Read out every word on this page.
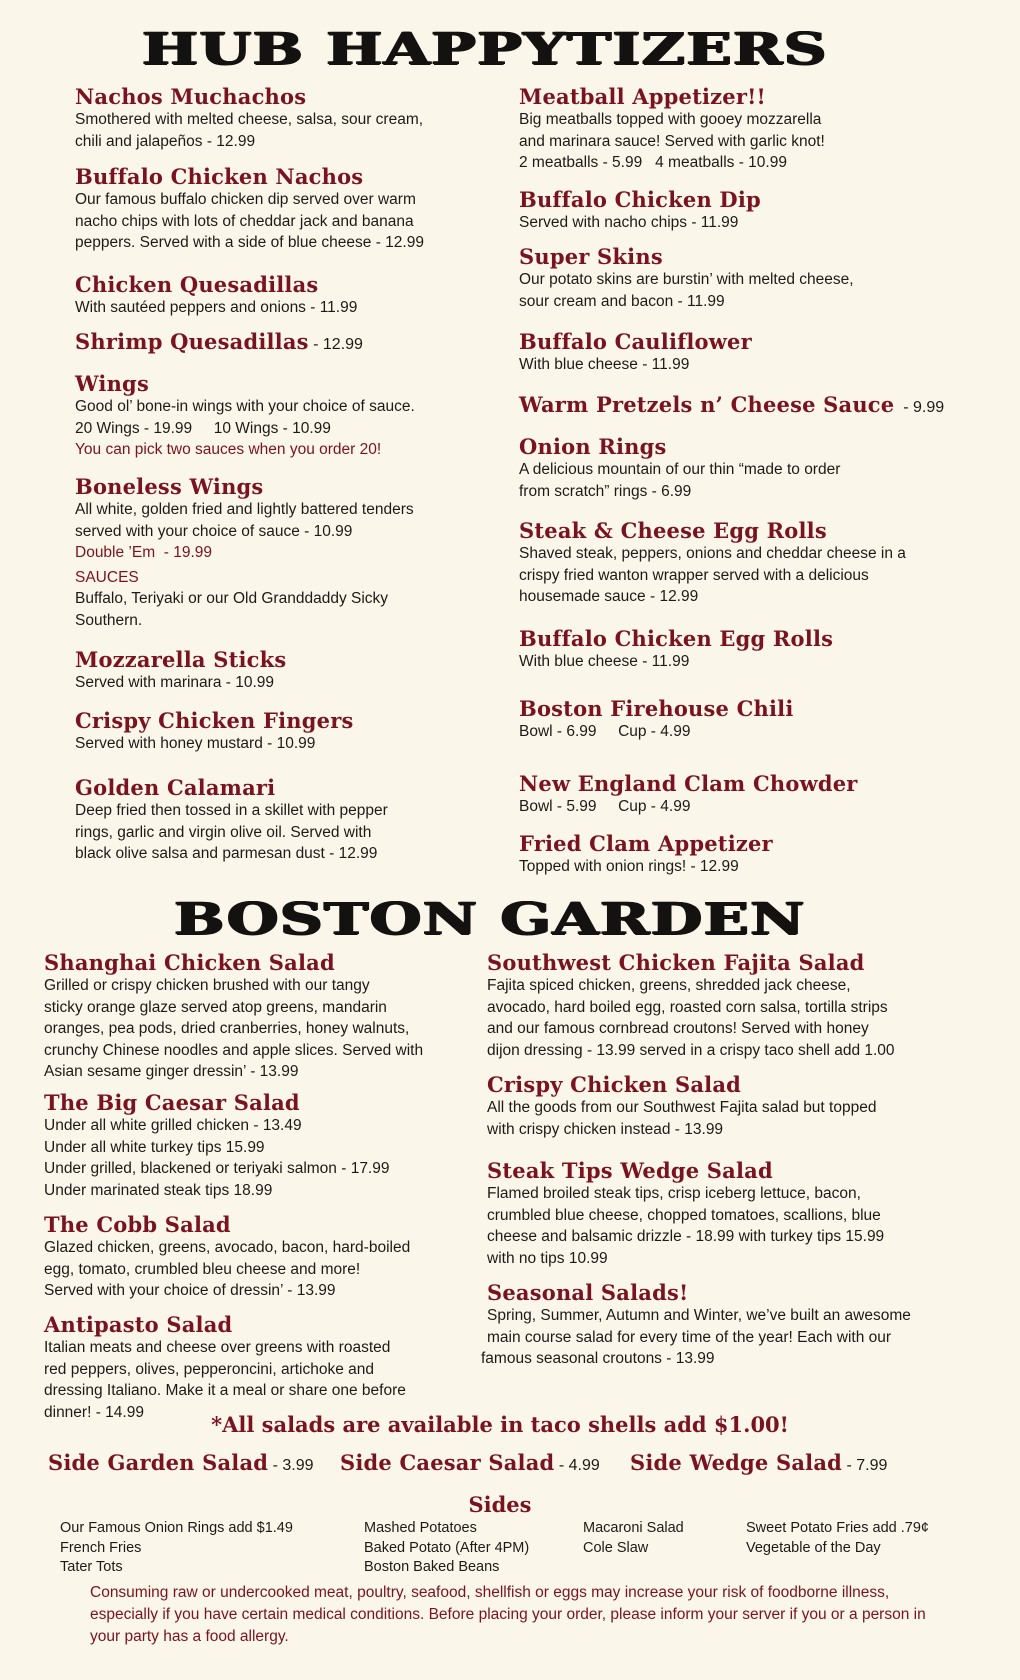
HUB HAPPYTIZERS
Nachos Muchachos
Smothered with melted cheese, salsa, sour cream,
chili and jalapeños - 12.99
Buffalo Chicken Nachos
Our famous buffalo chicken dip served over warm
nacho chips with lots of cheddar jack and banana
peppers. Served with a side of blue cheese - 12.99
Chicken Quesadillas
With sautéed peppers and onions - 11.99
Shrimp Quesadillas - 12.99
Wings
Good ol’ bone-in wings with your choice of sauce.
20 Wings - 19.99     10 Wings - 10.99
You can pick two sauces when you order 20!
Boneless Wings
All white, golden fried and lightly battered tenders
served with your choice of sauce - 10.99
Double ’Em  - 19.99
SAUCES
Buffalo, Teriyaki or our Old Granddaddy Sicky
Southern.
Mozzarella Sticks
Served with marinara - 10.99
Crispy Chicken Fingers
Served with honey mustard - 10.99
Golden Calamari
Deep fried then tossed in a skillet with pepper
rings, garlic and virgin olive oil. Served with
black olive salsa and parmesan dust - 12.99
Meatball Appetizer!!
Big meatballs topped with gooey mozzarella
and marinara sauce! Served with garlic knot!
2 meatballs - 5.99   4 meatballs - 10.99
Buffalo Chicken Dip
Served with nacho chips - 11.99
Super Skins
Our potato skins are burstin’ with melted cheese,
sour cream and bacon - 11.99
Buffalo Cauliflower
With blue cheese - 11.99
Warm Pretzels n’ Cheese Sauce  - 9.99
Onion Rings
A delicious mountain of our thin “made to order
from scratch” rings - 6.99
Steak & Cheese Egg Rolls
Shaved steak, peppers, onions and cheddar cheese in a
crispy fried wanton wrapper served with a delicious
housemade sauce - 12.99
Buffalo Chicken Egg Rolls
With blue cheese - 11.99
Boston Firehouse Chili
Bowl - 6.99     Cup - 4.99
New England Clam Chowder
Bowl - 5.99     Cup - 4.99
Fried Clam Appetizer
Topped with onion rings! - 12.99
BOSTON GARDEN
Shanghai Chicken Salad
Grilled or crispy chicken brushed with our tangy
sticky orange glaze served atop greens, mandarin
oranges, pea pods, dried cranberries, honey walnuts,
crunchy Chinese noodles and apple slices. Served with
Asian sesame ginger dressin’ - 13.99
The Big Caesar Salad
Under all white grilled chicken - 13.49
Under all white turkey tips 15.99
Under grilled, blackened or teriyaki salmon - 17.99
Under marinated steak tips 18.99
The Cobb Salad
Glazed chicken, greens, avocado, bacon, hard-boiled
egg, tomato, crumbled bleu cheese and more!
Served with your choice of dressin’ - 13.99
Antipasto Salad
Italian meats and cheese over greens with roasted
red peppers, olives, pepperoncini, artichoke and
dressing Italiano. Make it a meal or share one before
dinner! - 14.99
Southwest Chicken Fajita Salad
Fajita spiced chicken, greens, shredded jack cheese,
avocado, hard boiled egg, roasted corn salsa, tortilla strips
and our famous cornbread croutons! Served with honey
dijon dressing - 13.99 served in a crispy taco shell add 1.00
Crispy Chicken Salad
All the goods from our Southwest Fajita salad but topped
with crispy chicken instead - 13.99
Steak Tips Wedge Salad
Flamed broiled steak tips, crisp iceberg lettuce, bacon,
crumbled blue cheese, chopped tomatoes, scallions, blue
cheese and balsamic drizzle - 18.99 with turkey tips 15.99
with no tips 10.99
Seasonal Salads!
Spring, Summer, Autumn and Winter, we’ve built an awesome
main course salad for every time of the year! Each with our
famous seasonal croutons - 13.99
*All salads are available in taco shells add $1.00!
Side Garden Salad - 3.99 Side Caesar Salad - 4.99 Side Wedge Salad - 7.99
Sides
Our Famous Onion Rings add $1.49
French Fries
Tater Tots
Mashed Potatoes
Baked Potato (After 4PM)
Boston Baked Beans
Macaroni Salad
Cole Slaw
Sweet Potato Fries add .79¢
Vegetable of the Day
Consuming raw or undercooked meat, poultry, seafood, shellfish or eggs may increase your risk of foodborne illness, especially if you have certain medical conditions. Before placing your order, please inform your server if you or a person in your party has a food allergy.
